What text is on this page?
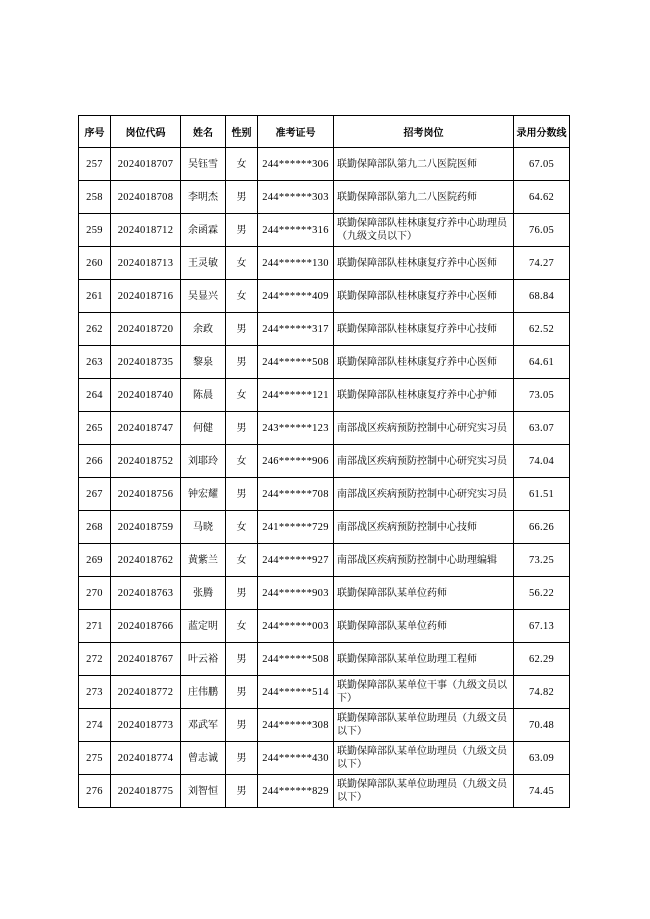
序号	岗位代码	姓名	性别	准考证号	招考岗位	录用分数线
257	2024018707	吴钰雪	女	244******306	联勤保障部队第九二八医院医师	67.05
258	2024018708	李明杰	男	244******303	联勤保障部队第九二八医院药师	64.62
259	2024018712	余函霖	男	244******316	联勤保障部队桂林康复疗养中心助理员（九级文员以下）	76.05
260	2024018713	王灵敏	女	244******130	联勤保障部队桂林康复疗养中心医师	74.27
261	2024018716	吴显兴	女	244******409	联勤保障部队桂林康复疗养中心医师	68.84
262	2024018720	余政	男	244******317	联勤保障部队桂林康复疗养中心技师	62.52
263	2024018735	黎泉	男	244******508	联勤保障部队桂林康复疗养中心医师	64.61
264	2024018740	陈晨	女	244******121	联勤保障部队桂林康复疗养中心护师	73.05
265	2024018747	何健	男	243******123	南部战区疾病预防控制中心研究实习员	63.07
266	2024018752	刘耶玲	女	246******906	南部战区疾病预防控制中心研究实习员	74.04
267	2024018756	钟宏耀	男	244******708	南部战区疾病预防控制中心研究实习员	61.51
268	2024018759	马晓	女	241******729	南部战区疾病预防控制中心技师	66.26
269	2024018762	黄紫兰	女	244******927	南部战区疾病预防控制中心助理编辑	73.25
270	2024018763	张腾	男	244******903	联勤保障部队某单位药师	56.22
271	2024018766	蓝定明	女	244******003	联勤保障部队某单位药师	67.13
272	2024018767	叶云裕	男	244******508	联勤保障部队某单位助理工程师	62.29
273	2024018772	庄伟鹏	男	244******514	联勤保障部队某单位干事（九级文员以下）	74.82
274	2024018773	邓武军	男	244******308	联勤保障部队某单位助理员（九级文员以下）	70.48
275	2024018774	曾志诚	男	244******430	联勤保障部队某单位助理员（九级文员以下）	63.09
276	2024018775	刘智恒	男	244******829	联勤保障部队某单位助理员（九级文员以下）	74.45
